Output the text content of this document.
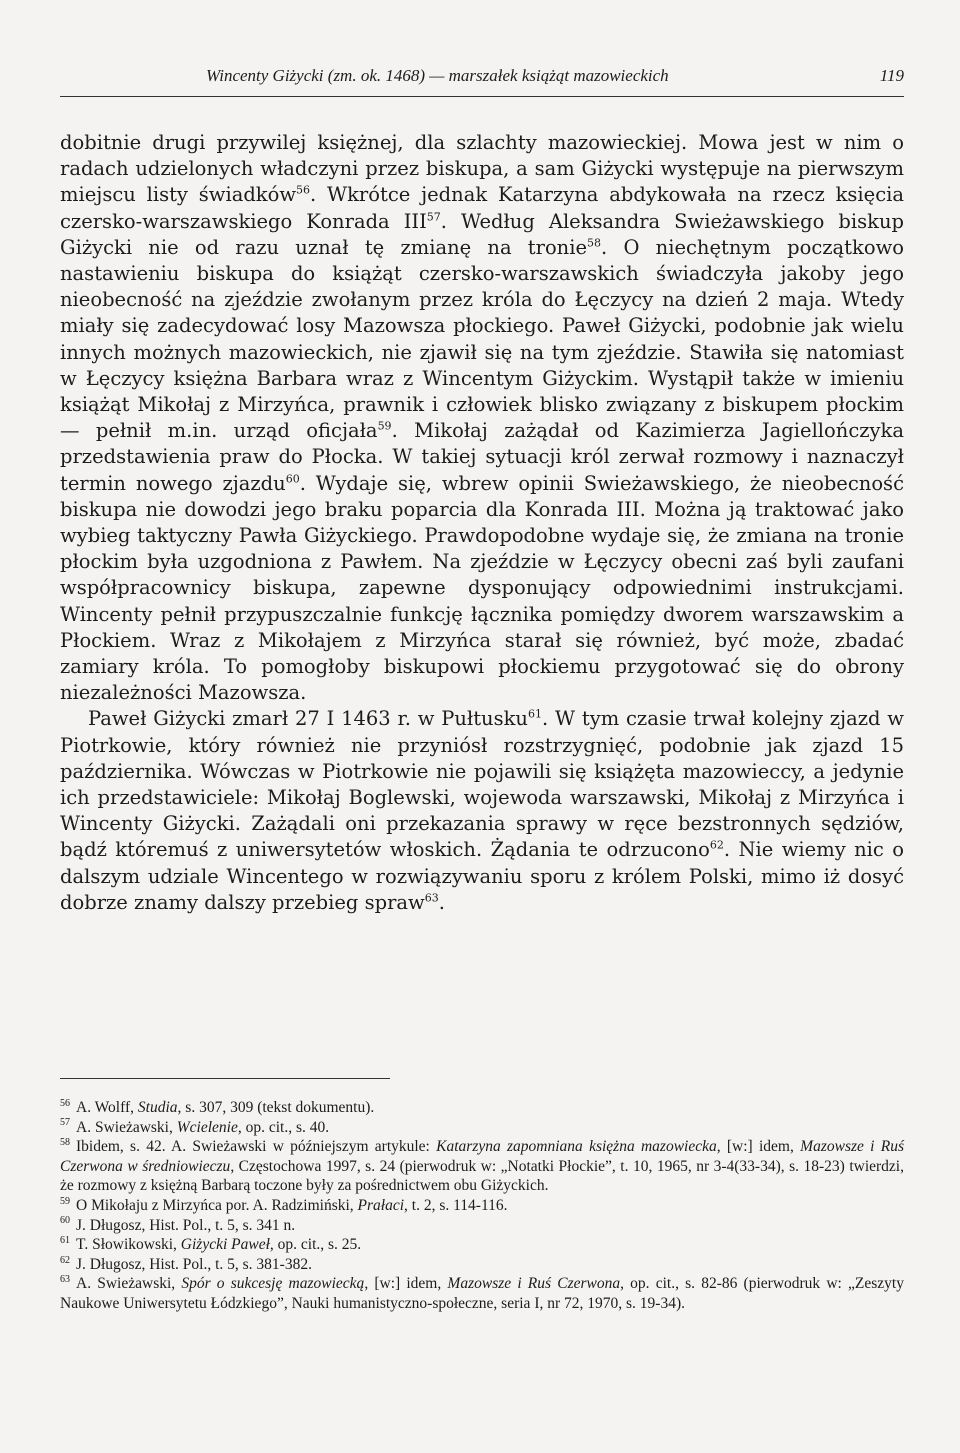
Wincenty Giżycki (zm. ok. 1468) — marszałek książąt mazowieckich	119

dobitnie drugi przywilej księżnej, dla szlachty mazowieckiej. Mowa jest w nim o radach udzielonych władczyni przez biskupa, a sam Giżycki występuje na pierwszym miejscu listy świadków$^{56}$. Wkrótce jednak Katarzyna abdykowała na rzecz księcia czersko-warszawskiego Konrada III$^{57}$. Według Aleksandra Swieżawskiego biskup Giżycki nie od razu uznał tę zmianę na tronie$^{58}$. O niechętnym początkowo nastawieniu biskupa do książąt czersko-warszawskich świadczyła jakoby jego nieobecność na zjeździe zwołanym przez króla do Łęczycy na dzień 2 maja. Wtedy miały się zadecydować losy Mazowsza płockiego. Paweł Giżycki, podobnie jak wielu innych możnych mazowieckich, nie zjawił się na tym zjeździe. Stawiła się natomiast w Łęczycy księżna Barbara wraz z Wincentym Giżyckim. Wystąpił także w imieniu książąt Mikołaj z Mirzyńca, prawnik i człowiek blisko związany z biskupem płockim — pełnił m.in. urząd oficjała$^{59}$. Mikołaj zażądał od Kazimierza Jagiellończyka przedstawienia praw do Płocka. W takiej sytuacji król zerwał rozmowy i naznaczył termin nowego zjazdu$^{60}$. Wydaje się, wbrew opinii Swieżawskiego, że nieobecność biskupa nie dowodzi jego braku poparcia dla Konrada III. Można ją traktować jako wybieg taktyczny Pawła Giżyckiego. Prawdopodobne wydaje się, że zmiana na tronie płockim była uzgodniona z Pawłem. Na zjeździe w Łęczycy obecni zaś byli zaufani współpracownicy biskupa, zapewne dysponujący odpowiednimi instrukcjami. Wincenty pełnił przypuszczalnie funkcję łącznika pomiędzy dworem warszawskim a Płockiem. Wraz z Mikołajem z Mirzyńca starał się również, być może, zbadać zamiary króla. To pomogłoby biskupowi płockiemu przygotować się do obrony niezależności Mazowsza.

Paweł Giżycki zmarł 27 I 1463 r. w Pułtusku$^{61}$. W tym czasie trwał kolejny zjazd w Piotrkowie, który również nie przyniósł rozstrzygnięć, podobnie jak zjazd 15 października. Wówczas w Piotrkowie nie pojawili się książęta mazowieccy, a jedynie ich przedstawiciele: Mikołaj Boglewski, wojewoda warszawski, Mikołaj z Mirzyńca i Wincenty Giżycki. Zażądali oni przekazania sprawy w ręce bezstronnych sędziów, bądź któremuś z uniwersytetów włoskich. Żądania te odrzucono$^{62}$. Nie wiemy nic o dalszym udziale Wincentego w rozwiązywaniu sporu z królem Polski, mimo iż dosyć dobrze znamy dalszy przebieg spraw$^{63}$.

$^{56}$ A. Wolff, Studia, s. 307, 309 (tekst dokumentu).

$^{57}$ A. Swieżawski, Wcielenie, op. cit., s. 40.

$^{58}$ Ibidem, s. 42. A. Swieżawski w późniejszym artykule: Katarzyna zapomniana księżna mazowiecka, [w:] idem, Mazowsze i Ruś Czerwona w średniowieczu, Częstochowa 1997, s. 24 (pierwodruk w: „Notatki Płockie”, t. 10, 1965, nr 3-4(33-34), s. 18-23) twierdzi, że rozmowy z księżną Barbarą toczone były za pośrednictwem obu Giżyckich.

$^{59}$ O Mikołaju z Mirzyńca por. A. Radzimiński, Prałaci, t. 2, s. 114-116.

$^{60}$ J. Długosz, Hist. Pol., t. 5, s. 341 n.

$^{61}$ T. Słowikowski, Giżycki Paweł, op. cit., s. 25.

$^{62}$ J. Długosz, Hist. Pol., t. 5, s. 381-382.

$^{63}$ A. Swieżawski, Spór o sukcesję mazowiecką, [w:] idem, Mazowsze i Ruś Czerwona, op. cit., s. 82-86 (pierwodruk w: „Zeszyty Naukowe Uniwersytetu Łódzkiego”, Nauki humanistyczno-społeczne, seria I, nr 72, 1970, s. 19-34).
